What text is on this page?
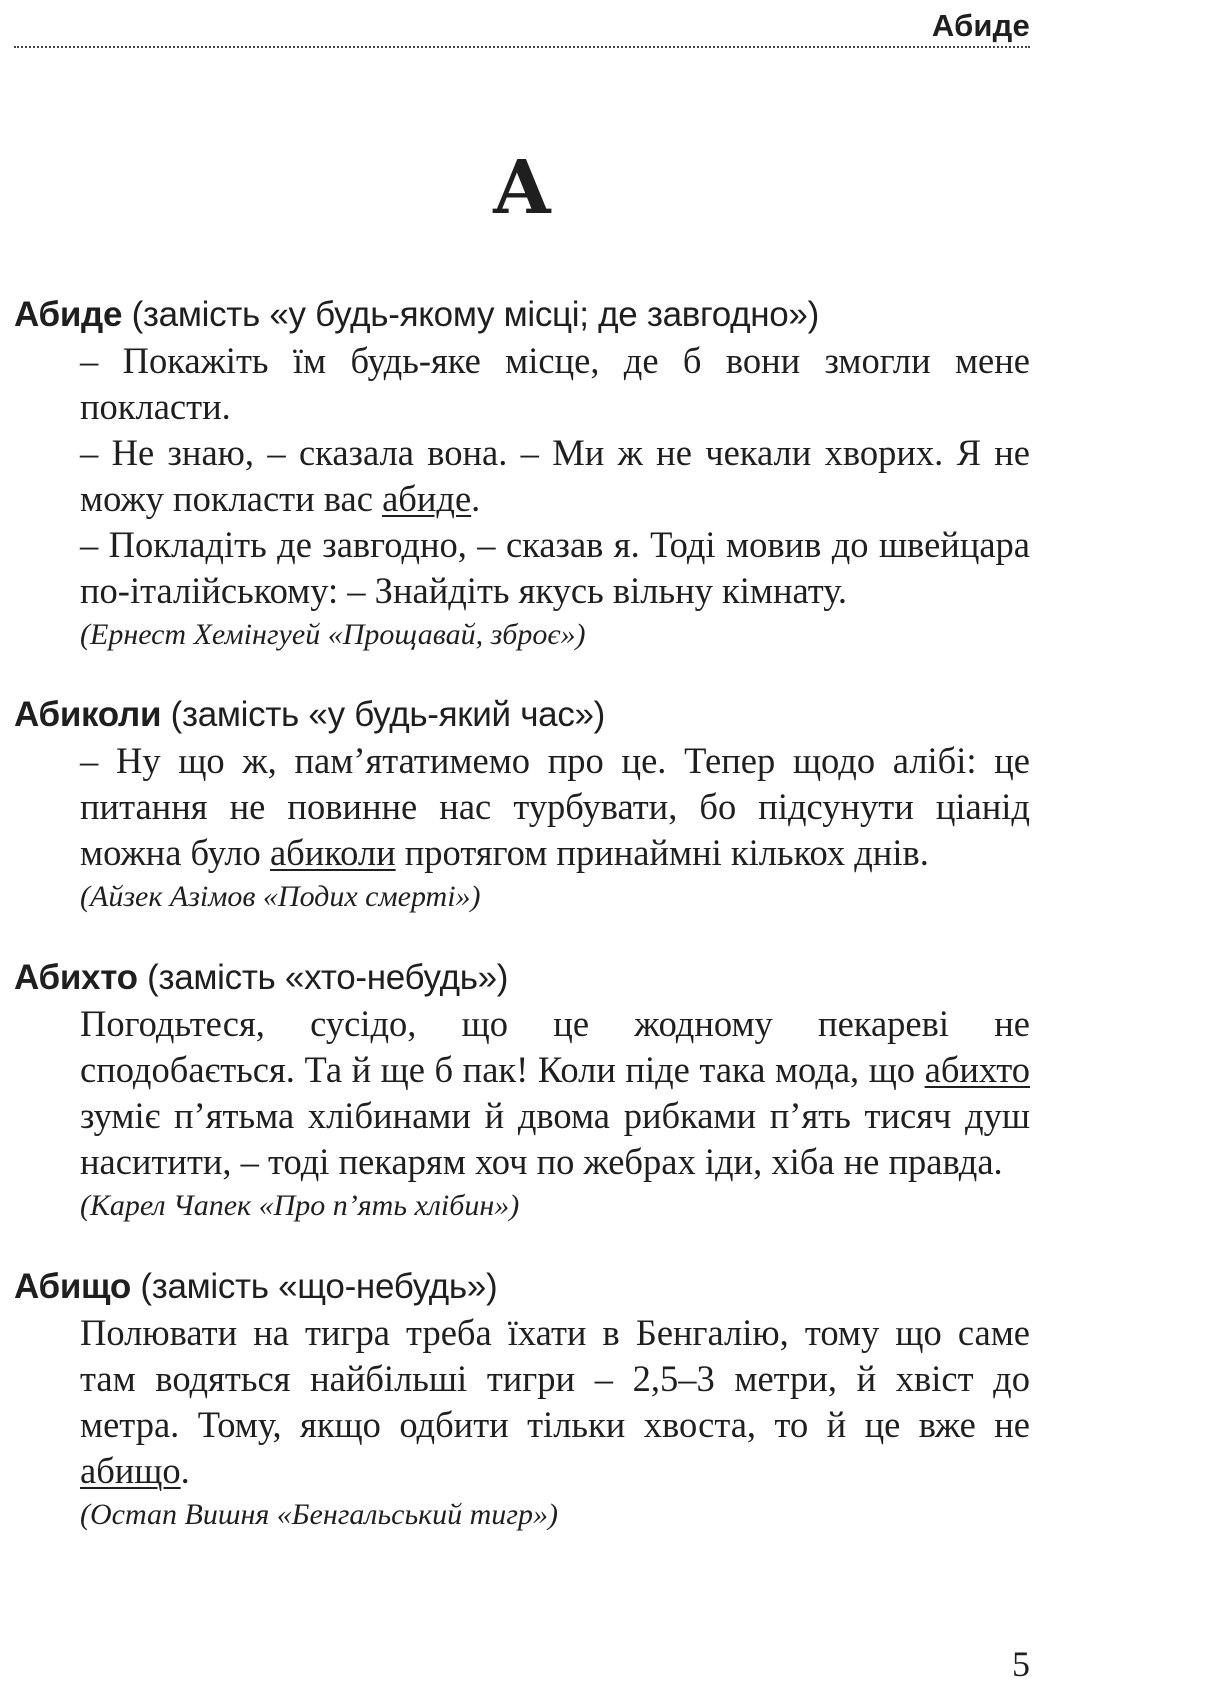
Абиде
А
Абиде (замість «у будь-якому місці; де завгодно»)

– Покажіть їм будь-яке місце, де б вони змогли мене покласти.

– Не знаю, – сказала вона. – Ми ж не чекали хворих. Я не можу покласти вас абиде.

– Покладіть де завгодно, – сказав я. Тоді мовив до швейцара по-італійському: – Знайдіть якусь вільну кімнату.

(Ернест Хемінгуей «Прощавай, зброє»)
Абиколи (замість «у будь-який час»)

– Ну що ж, пам’ятатимемо про це. Тепер щодо алібі: це питання не повинне нас турбувати, бо підсунути ціанід можна було абиколи протягом принаймні кількох днів.

(Айзек Азімов «Подих смерті»)
Абихто (замість «хто-небудь»)

Погодьтеся, сусідо, що це жодному пекареві не сподобається. Та й ще б пак! Коли піде така мода, що абихто зуміє п’ятьма хлібинами й двома рибками п’ять тисяч душ наситити, – тоді пекарям хоч по жебрах іди, хіба не правда.

(Карел Чапек «Про п’ять хлібин»)
Абищо (замість «що-небудь»)

Полювати на тигра треба їхати в Бенгалію, тому що саме там водяться найбільші тигри – 2,5–3 метри, й хвіст до метра. Тому, якщо одбити тільки хвоста, то й це вже не абищо.

(Остап Вишня «Бенгальський тигр»)
5
